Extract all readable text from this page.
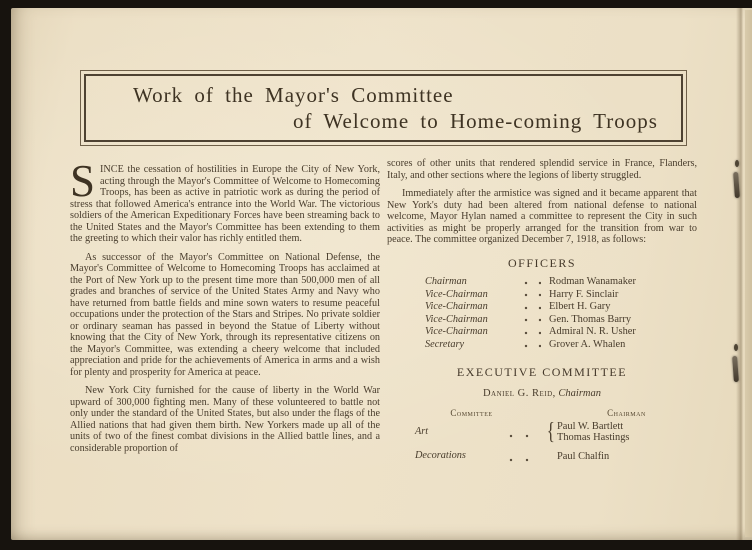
Work of the Mayor's Committee
of Welcome to Home-coming Troops

SINCE the cessation of hostilities in Europe the City of New York, acting through the Mayor's Committee of Welcome to Homecoming Troops, has been as active in patriotic work as during the period of stress that followed America's entrance into the World War. The victorious soldiers of the American Expeditionary Forces have been streaming back to the United States and the Mayor's Committee has been extending to them the greeting to which their valor has richly entitled them.

As successor of the Mayor's Committee on National Defense, the Mayor's Committee of Welcome to Homecoming Troops has acclaimed at the Port of New York up to the present time more than 500,000 men of all grades and branches of service of the United States Army and Navy who have returned from battle fields and mine sown waters to resume peaceful occupations under the protection of the Stars and Stripes. No private soldier or ordinary seaman has passed in beyond the Statue of Liberty without knowing that the City of New York, through its representative citizens on the Mayor's Committee, was extending a cheery welcome that included appreciation and pride for the achievements of America in arms and a wish for plenty and prosperity for America at peace.

New York City furnished for the cause of liberty in the World War upward of 300,000 fighting men. Many of these volunteered to battle not only under the standard of the United States, but also under the flags of the Allied nations that had given them birth. New Yorkers made up all of the units of two of the finest combat divisions in the Allied battle lines, and a considerable proportion of

scores of other units that rendered splendid service in France, Flanders, Italy, and other sections where the legions of liberty struggled.

Immediately after the armistice was signed and it became apparent that New York's duty had been altered from national defense to national welcome, Mayor Hylan named a committee to represent the City in such activities as might be properly arranged for the transition from war to peace. The committee organized December 7, 1918, as follows:

OFFICERS
Chairman	Rodman Wanamaker
Vice-Chairman	Harry F. Sinclair
Vice-Chairman	Elbert H. Gary
Vice-Chairman	Gen. Thomas Barry
Vice-Chairman	Admiral N. R. Usher
Secretary	Grover A. Whalen
EXECUTIVE COMMITTEE
Daniel G. Reid, Chairman
Committee	Chairman
Art	{ Paul W. Bartlett
Thomas Hastings
Decorations	Paul Chalfin
